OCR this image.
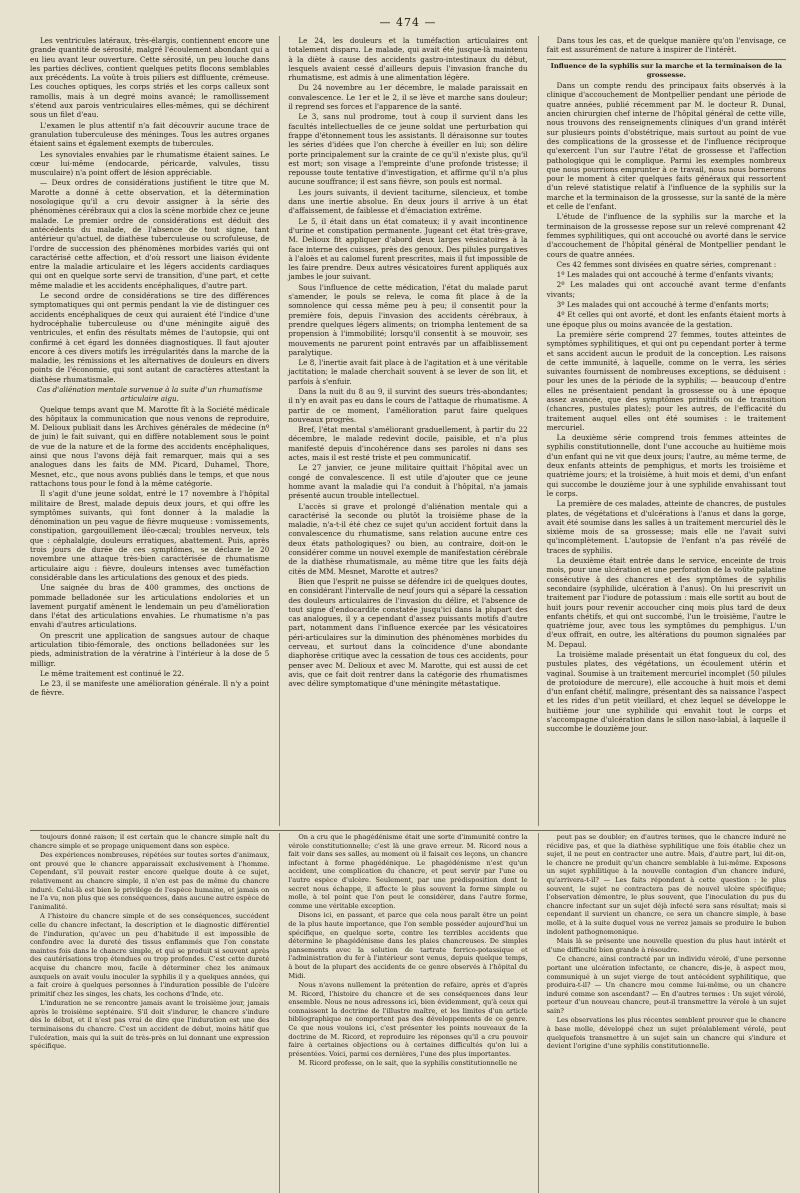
— 474 —

Les ventricules latéraux, très-élargis, contiennent encore une grande quantité de sérosité, malgré l'écoulement abondant qui a eu lieu avant leur ouverture. Cette sérosité, un peu louche dans les parties déclives, contient quelques petits flocons semblables aux précédents. La voûte à trois piliers est diffluente, crémeuse. Les couches optiques, les corps striés et les corps calleux sont ramollis, mais à un degré moins avancé; le ramollissement s'étend aux parois ventriculaires elles-mêmes, qui se déchirent sous un filet d'eau.

L'examen le plus attentif n'a fait découvrir aucune trace de granulation tuberculeuse des méninges. Tous les autres organes étaient sains et également exempts de tubercules.

Les synoviales envahies par le rhumatisme étaient saines. Le cœur lui-même (endocarde, péricarde, valvules, tissu musculaire) n'a point offert de lésion appréciable.

— Deux ordres de considérations justifient le titre que M. Marotte a donné à cette observation, et la détermination nosologique qu'il a cru devoir assigner à la série des phénomènes cérébraux qui a clos la scène morbide chez ce jeune malade. Le premier ordre de considérations est déduit des antécédents du malade, de l'absence de tout signe, tant antérieur qu'actuel, de diathèse tuberculeuse ou scrofuleuse, de l'ordre de succession des phénomènes morbides variés qui ont caractérisé cette affection, et d'où ressort une liaison évidente entre la maladie articulaire et les légers accidents cardiaques qui ont en quelque sorte servi de transition, d'une part, et cette même maladie et les accidents encéphaliques, d'autre part.

Le second ordre de considérations se tire des différences symptomatiques qui ont permis pendant la vie de distinguer ces accidents encéphaliques de ceux qui auraient été l'indice d'une hydrocéphalie tuberculeuse ou d'une méningite aiguë des ventricules, et enfin des résultats mêmes de l'autopsie, qui ont confirmé à cet égard les données diagnostiques. Il faut ajouter encore à ces divers motifs les irrégularités dans la marche de la maladie, les rémissions et les alternatives de douleurs en divers points de l'économie, qui sont autant de caractères attestant la diathèse rhumatismale.

Cas d'aliénation mentale survenue à la suite d'un rhumatisme articulaire aigu.

Quelque temps avant que M. Marotte fît à la Société médicale des hôpitaux la communication que nous venons de reproduire, M. Delioux publiait dans les Archives générales de médecine (nº de juin) le fait suivant, qui en diffère notablement sous le point de vue de la nature et de la forme des accidents encéphaliques, ainsi que nous l'avons déjà fait remarquer, mais qui a ses analogues dans les faits de MM. Picard, Duhamel, Thore, Mesnet, etc., que nous avons publiés dans le temps, et que nous rattachons tous pour le fond à la même catégorie.

Il s'agit d'une jeune soldat, entré le 17 novembre à l'hôpital militaire de Brest, malade depuis deux jours, et qui offre les symptômes suivants, qui font donner à la maladie la dénomination un peu vague de fièvre muqueuse : vomissements, constipation, gargouillement iléo-cæcal; troubles nerveux, tels que : céphalalgie, douleurs erratiques, abattement. Puis, après trois jours de durée de ces symptômes, se déclare le 20 novembre une attaque très-bien caractérisée de rhumatisme articulaire aigu : fièvre, douleurs intenses avec tuméfaction considérable dans les articulations des genoux et des pieds.

Une saignée du bras de 400 grammes, des onctions de pommade belladonée sur les articulations endolories et un lavement purgatif amènent le lendemain un peu d'amélioration dans l'état des articulations envahies. Le rhumatisme n'a pas envahi d'autres articulations.

On prescrit une application de sangsues autour de chaque articulation tibio-fémorale, des onctions belladonées sur les pieds, administration de la vératrine à l'intérieur à la dose de 5 milligr.

Le même traitement est continué le 22.

Le 23, il se manifeste une amélioration générale. Il n'y a point de fièvre.

Le 24, les douleurs et la tuméfaction articulaires ont totalement disparu. Le malade, qui avait été jusque-là maintenu à la diète à cause des accidents gastro-intestinaux du début, lesquels avaient cessé d'ailleurs depuis l'invasion franche du rhumatisme, est admis à une alimentation légère.

Du 24 novembre au 1er décembre, le malade paraissait en convalescence. Le 1er et le 2, il se lève et marche sans douleur; il reprend ses forces et l'apparence de la santé.

Le 3, sans nul prodrome, tout à coup il survient dans les facultés intellectuelles de ce jeune soldat une perturbation qui frappe d'étonnement tous les assistants. Il déraisonne sur toutes les séries d'idées que l'on cherche à éveiller en lui; son délire porte principalement sur la crainte de ce qu'il n'existe plus, qu'il est mort; son visage a l'empreinte d'une profonde tristesse; il repousse toute tentative d'investigation, et affirme qu'il n'a plus aucune souffrance; il est sans fièvre, son pouls est normal.

Les jours suivants, il devient taciturne, silencieux, et tombe dans une inertie absolue. En deux jours il arrive à un état d'affaissement, de faiblesse et d'émaciation extrême.

Le 5, il était dans un état comateux; il y avait incontinence d'urine et constipation permanente. Jugeant cet état très-grave, M. Delioux fit appliquer d'abord deux larges vésicatoires à la face interne des cuisses, près des genoux. Des pilules purgatives à l'aloès et au calomel furent prescrites, mais il fut impossible de les faire prendre. Deux autres vésicatoires furent appliqués aux jambes le jour suivant.

Sous l'influence de cette médication, l'état du malade parut s'amender, le pouls se releva, le coma fit place à de la somnolence qui cessa même peu à peu; il consentit pour la première fois, depuis l'invasion des accidents cérébraux, à prendre quelques légers aliments; on triompha lentement de sa propension à l'immobilité; lorsqu'il consentit à se mouvoir, ses mouvements ne parurent point entravés par un affaiblissement paralytique.

Le 8, l'inertie avait fait place à de l'agitation et à une véritable jactitation; le malade cherchait souvent à se lever de son lit, et parfois à s'enfuir.

Dans la nuit du 8 au 9, il survint des sueurs très-abondantes; il n'y en avait pas eu dans le cours de l'attaque de rhumatisme. A partir de ce moment, l'amélioration parut faire quelques nouveaux progrès.

Bref, l'état mental s'améliorant graduellement, à partir du 22 décembre, le malade redevint docile, paisible, et n'a plus manifesté depuis d'incohérence dans ses paroles ni dans ses actes, mais il est resté triste et peu communicatif.

Le 27 janvier, ce jeune militaire quittait l'hôpital avec un congé de convalescence. Il est utile d'ajouter que ce jeune homme avant la maladie qui l'a conduit à l'hôpital, n'a jamais présenté aucun trouble intellectuel.

L'accès si grave et prolongé d'aliénation mentale qui a caractérisé la seconde ou plutôt la troisième phase de la maladie, n'a-t-il été chez ce sujet qu'un accident fortuit dans la convalescence du rhumatisme, sans relation aucune entre ces deux états pathologiques? ou bien, au contraire, doit-on le considérer comme un nouvel exemple de manifestation cérébrale de la diathèse rhumatismale, au même titre que les faits déjà cités de MM. Mesnet, Marotte et autres?

Bien que l'esprit ne puisse se défendre ici de quelques doutes, en considérant l'intervalle de neuf jours qui a séparé la cessation des douleurs articulaires de l'invasion du délire, et l'absence de tout signe d'endocardite constatée jusqu'ici dans la plupart des cas analogues, il y a cependant d'assez puissants motifs d'autre part, notamment dans l'influence exercée par les vésicatoires péri-articulaires sur la diminution des phénomènes morbides du cerveau, et surtout dans la coïncidence d'une abondante diaphorèse critique avec la cessation de tous ces accidents, pour penser avec M. Delioux et avec M. Marotte, qui est aussi de cet avis, que ce fait doit rentrer dans la catégorie des rhumatismes avec délire symptomatique d'une méningite métastatique.

Dans tous les cas, et de quelque manière qu'on l'envisage, ce fait est assurément de nature à inspirer de l'intérêt.

Influence de la syphilis sur la marche et la terminaison de la grossesse.

Dans un compte rendu des principaux faits observés à la clinique d'accouchement de Montpellier pendant une période de quatre années, publié récemment par M. le docteur R. Dunal, ancien chirurgien chef interne de l'hôpital général de cette ville, nous trouvons des renseignements cliniques d'un grand intérêt sur plusieurs points d'obstétrique, mais surtout au point de vue des complications de la grossesse et de l'influence réciproque qu'exercent l'un sur l'autre l'état de grossesse et l'affection pathologique qui le complique. Parmi les exemples nombreux que nous pourrions emprunter à ce travail, nous nous bornerons pour le moment à citer quelques faits généraux qui ressortent d'un relevé statistique relatif à l'influence de la syphilis sur la marche et la terminaison de la grossesse, sur la santé de la mère et celle de l'enfant.

L'étude de l'influence de la syphilis sur la marche et la terminaison de la grossesse repose sur un relevé comprenant 42 femmes syphilitiques, qui ont accouché ou avorté dans le service d'accouchement de l'hôpital général de Montpellier pendant le cours de quatre années.

Ces 42 femmes sont divisées en quatre séries, comprenant :

1º Les malades qui ont accouché à terme d'enfants vivants;

2º Les malades qui ont accouché avant terme d'enfants vivants;

3º Les malades qui ont accouché à terme d'enfants morts;

4º Et celles qui ont avorté, et dont les enfants étaient morts à une époque plus ou moins avancée de la gestation.

La première série comprend 27 femmes, toutes atteintes de symptômes syphilitiques, et qui ont pu cependant porter à terme et sans accident aucun le produit de la conception. Les raisons de cette immunité, à laquelle, comme on le verra, les séries suivantes fournissent de nombreuses exceptions, se déduisent : pour les unes de la période de la syphilis; — beaucoup d'entre elles ne présentaient pendant la grossesse ou à une époque assez avancée, que des symptômes primitifs ou de transition (chancres, pustules plates); pour les autres, de l'efficacité du traitement auquel elles ont été soumises : le traitement mercuriel.

La deuxième série comprend trois femmes atteintes de syphilis constitutionnelle, dont l'une accouche au huitième mois d'un enfant qui ne vit que deux jours; l'autre, au même terme, de deux enfants atteints de pemphigus, et morts les troisième et quatrième jours; et la troisième, à huit mois et demi, d'un enfant qui succombe le douzième jour à une syphilide envahissant tout le corps.

La première de ces malades, atteinte de chancres, de pustules plates, de végétations et d'ulcérations à l'anus et dans la gorge, avait été soumise dans les salles à un traitement mercuriel dès le sixième mois de sa grossesse; mais elle ne l'avait suivi qu'incomplètement. L'autopsie de l'enfant n'a pas révélé de traces de syphilis.

La deuxième était entrée dans le service, enceinte de trois mois, pour une ulcération et une perforation de la voûte palatine consécutive à des chancres et des symptômes de syphilis secondaire (syphilide, ulcération à l'anus). On lui prescrivit un traitement par l'iodure de potassium : mais elle sortit au bout de huit jours pour revenir accoucher cinq mois plus tard de deux enfants chétifs, et qui ont succombé, l'un le troisième, l'autre le quatrième jour, avec tous les symptômes du pemphigus. L'un d'eux offrait, en outre, les altérations du poumon signalées par M. Depaul.

La troisième malade présentait un état fongueux du col, des pustules plates, des végétations, un écoulement utérin et vaginal. Soumise à un traitement mercuriel incomplet (50 pilules de protoiodure de mercure), elle accouche à huit mois et demi d'un enfant chétif, malingre, présentant dès sa naissance l'aspect et les rides d'un petit vieillard, et chez lequel se développe le huitième jour une syphilide qui envahit tout le corps et s'accompagne d'ulcération dans le sillon naso-labial, à laquelle il succombe le douzième jour.

toujours donné raison; il est certain que le chancre simple naît du chancre simple et se propage uniquement dans son espèce.

Des expériences nombreuses, répétées sur toutes sortes d'animaux, ont prouvé que le chancre apparaissait exclusivement à l'homme. Cependant, s'il pouvait rester encore quelque doute à ce sujet, relativement au chancre simple, il n'en est pas de même du chancre induré. Celui-là est bien le privilége de l'espèce humaine, et jamais on ne l'a vu, non plus que ses conséquences, dans aucune autre espèce de l'animalité.

A l'histoire du chancre simple et de ses conséquences, succédent celle du chancre infectant, la description et le diagnostic différentiel de l'induration, qu'avec un peu d'habitude il est impossible de confondre avec la dureté des tissus enflammés que l'on constate maintes fois dans le chancre simple, et qui se produit si souvent après des cautérisations trop étendues ou trop profondes. C'est cette dureté acquise du chancre mou, facile à déterminer chez les animaux auxquels on avait voulu inoculer la syphilis il y a quelques années, qui a fait croire à quelques personnes à l'induration possible de l'ulcère primitif chez les singes, les chats, les cochons d'Inde, etc.

L'induration ne se rencontre jamais avant le troisième jour, jamais après le troisième septénaire. S'il doit s'indurer, le chancre s'indure dès le début, et il n'est pas vrai de dire que l'induration est une des terminaisons du chancre. C'est un accident de début, moins hâtif que l'ulcération, mais qui la suit de très-près en lui donnant une expression spécifique.

On a cru que le phagédénisme était une sorte d'immunité contre la vérole constitutionnelle; c'est là une grave erreur. M. Ricord nous a fait voir dans ses salles, au moment où il faisait ces leçons, un chancre infectant à forme phagédénique. Le phagédénisme n'est qu'un accident, une complication du chancre, et peut servir par l'une ou l'autre espèce d'ulcère. Seulement, par une prédisposition dont le secret nous échappe, il affecte le plus souvent la forme simple ou molle, à tel point que l'on peut le considérer, dans l'autre forme, comme une véritable exception.

Disons ici, en passant, et parce que cela nous paraît être un point de la plus haute importance, que l'on semble posséder aujourd'hui un spécifique, en quelque sorte, contre les terribles accidents que détermine le phagédénisme dans les plaies chancreuses. De simples pansements avec la solution de tartrate ferrico-potassique et l'administration du fer à l'intérieur sont venus, depuis quelque temps, à bout de la plupart des accidents de ce genre observés à l'hôpital du Midi.

Nous n'avons nullement la prétention de refaire, après et d'après M. Ricord, l'histoire du chancre et de ses conséquences dans leur ensemble. Nous ne nous adressons ici, bien évidemment, qu'à ceux qui connaissent la doctrine de l'illustre maître, et les limites d'un article bibliographique ne comportent pas des développements de ce genre. Ce que nous voulons ici, c'est présenter les points nouveaux de la doctrine de M. Ricord, et reproduire les réponses qu'il a cru pouvoir faire à certaines objections ou à certaines difficultés qu'on lui a présentées. Voici, parmi ces dernières, l'une des plus importantes.

M. Ricord professe, on le sait, que la syphilis constitutionnelle ne

peut pas se doubler; en d'autres termes, que le chancre induré ne récidive pas, et que la diathèse syphilitique une fois établie chez un sujet, il ne peut en contracter une autre. Mais, d'autre part, lui dit-on, le chancre ne produit qu'un chancre semblable à lui-même. Exposons un sujet syphilitique à la nouvelle contagion d'un chancre induré, qu'arrivera-t-il? — Les faits répondent à cette question : le plus souvent, le sujet ne contractera pas de nouvel ulcère spécifique; l'observation démontre, le plus souvent, que l'inoculation du pus du chancre infectant sur un sujet déjà infecté sera sans résultat; mais si cependant il survient un chancre, ce sera un chancre simple, à base molle, et à la suite duquel vous ne verrez jamais se produire le bubon indolent pathognomonique.

Mais là se présente une nouvelle question du plus haut intérêt et d'une difficulté bien grande à résoudre.

Ce chancre, ainsi contracté par un individu vérolé, d'une personne portant une ulcération infectante, ce chancre, dis-je, à aspect mou, communiqué à un sujet vierge de tout antécédent syphilitique, que produira-t-il? — Un chancre mou comme lui-même, ou un chancre induré comme son ascendant? — En d'autres termes : Un sujet vérolé, porteur d'un nouveau chancre, peut-il transmettre la vérole à un sujet sain?

Les observations les plus récentes semblent prouver que le chancre à base molle, développé chez un sujet préalablement vérolé, peut quelquefois transmettre à un sujet sain un chancre qui s'indure et devient l'origine d'une syphilis constitutionnelle.
